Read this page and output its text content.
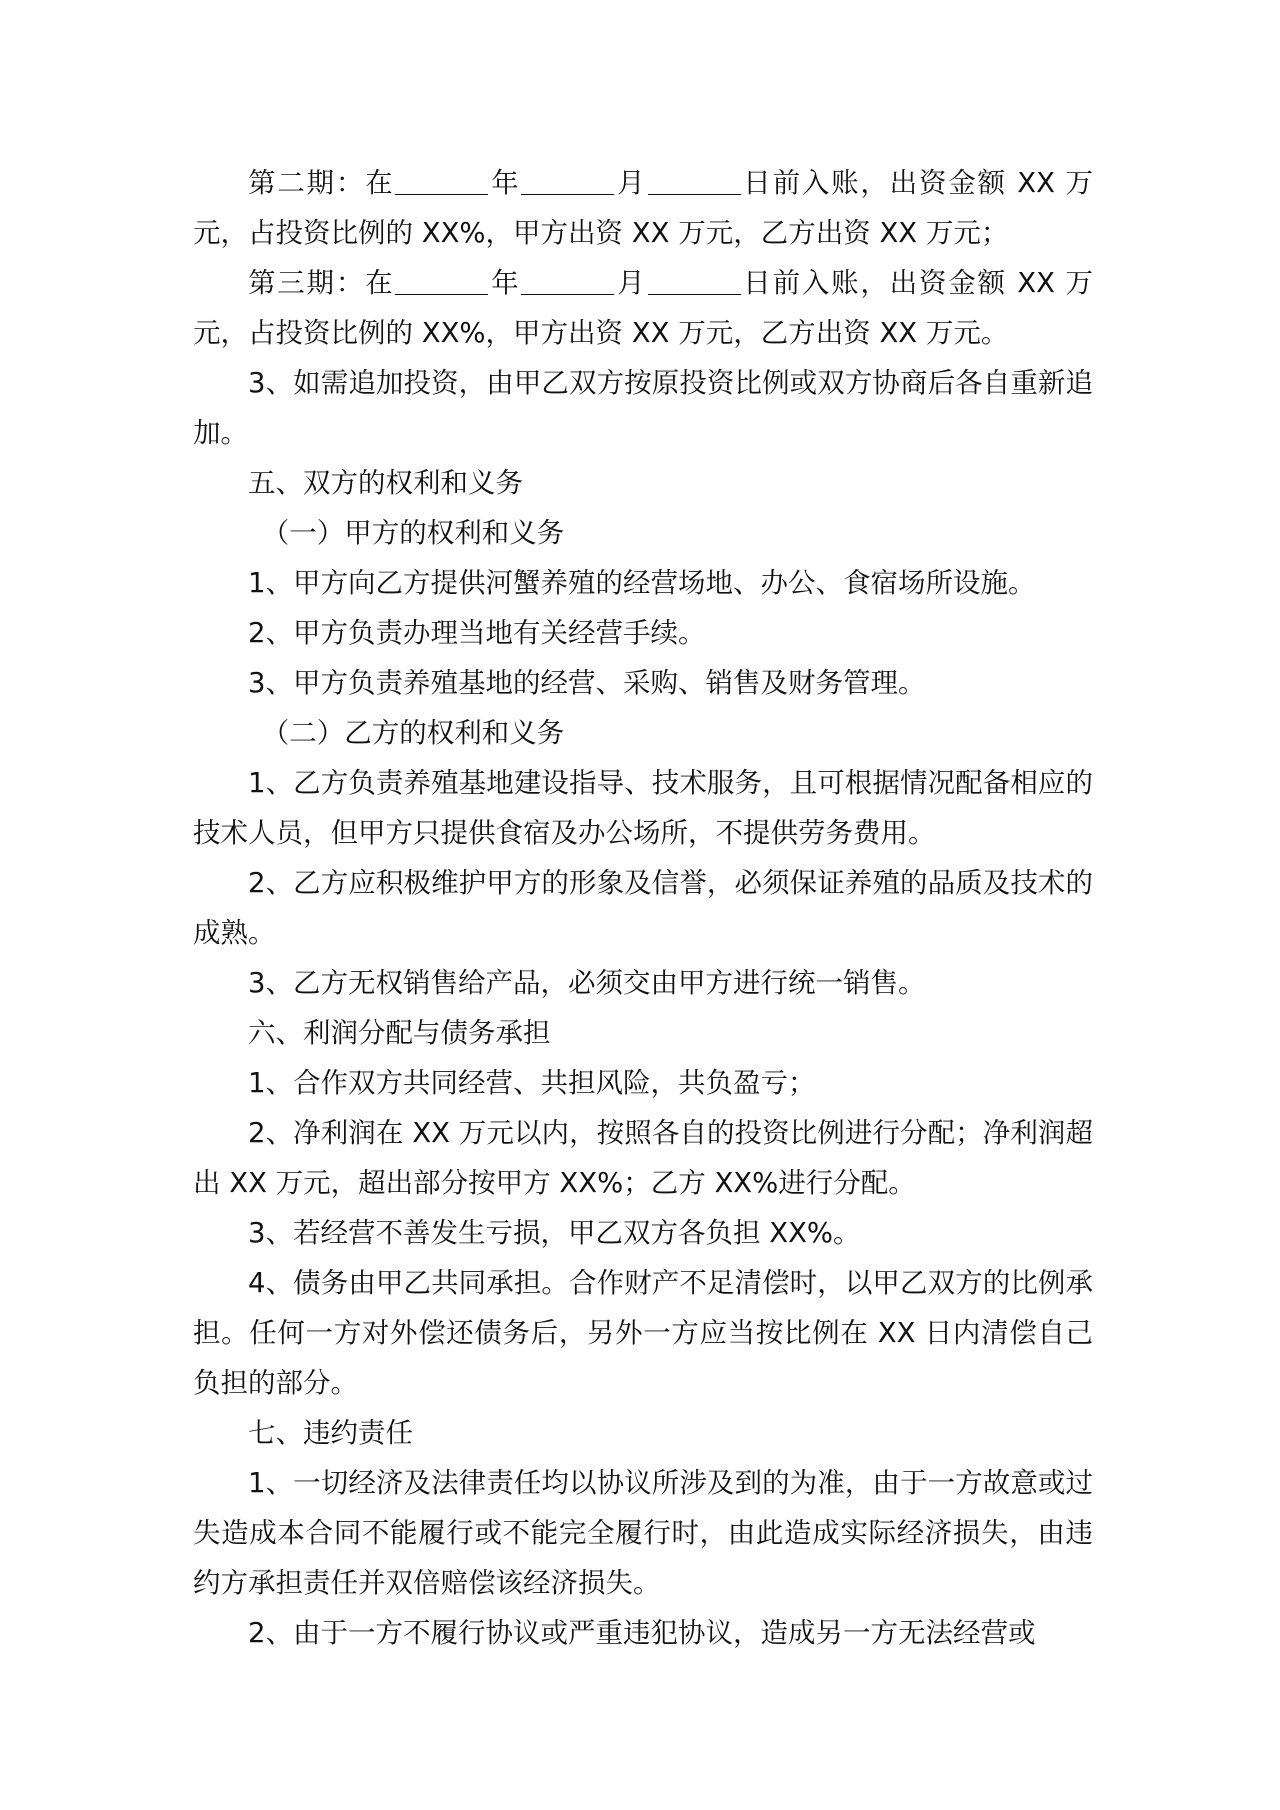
第二期：在	年	月	日前入账，出资金额 XX 万元，占投资比例的 XX%，甲方出资 XX 万元，乙方出资 XX 万元；

第三期：在	年	月	日前入账，出资金额 XX 万元，占投资比例的 XX%，甲方出资 XX 万元，乙方出资 XX 万元。

3、如需追加投资，由甲乙双方按原投资比例或双方协商后各自重新追加。

五、双方的权利和义务

（一）甲方的权利和义务

1、甲方向乙方提供河蟹养殖的经营场地、办公、食宿场所设施。

2、甲方负责办理当地有关经营手续。

3、甲方负责养殖基地的经营、采购、销售及财务管理。

（二）乙方的权利和义务

1、乙方负责养殖基地建设指导、技术服务，且可根据情况配备相应的技术人员，但甲方只提供食宿及办公场所，不提供劳务费用。

2、乙方应积极维护甲方的形象及信誉，必须保证养殖的品质及技术的成熟。

3、乙方无权销售给产品，必须交由甲方进行统一销售。

六、利润分配与债务承担

1、合作双方共同经营、共担风险，共负盈亏；

2、净利润在 XX 万元以内，按照各自的投资比例进行分配；净利润超出 XX 万元，超出部分按甲方 XX%；乙方 XX%进行分配。

3、若经营不善发生亏损，甲乙双方各负担 XX%。

4、债务由甲乙共同承担。合作财产不足清偿时，以甲乙双方的比例承担。任何一方对外偿还债务后，另外一方应当按比例在 XX 日内清偿自己负担的部分。

七、违约责任

1、一切经济及法律责任均以协议所涉及到的为准，由于一方故意或过失造成本合同不能履行或不能完全履行时，由此造成实际经济损失，由违约方承担责任并双倍赔偿该经济损失。

2、由于一方不履行协议或严重违犯协议，造成另一方无法经营或
